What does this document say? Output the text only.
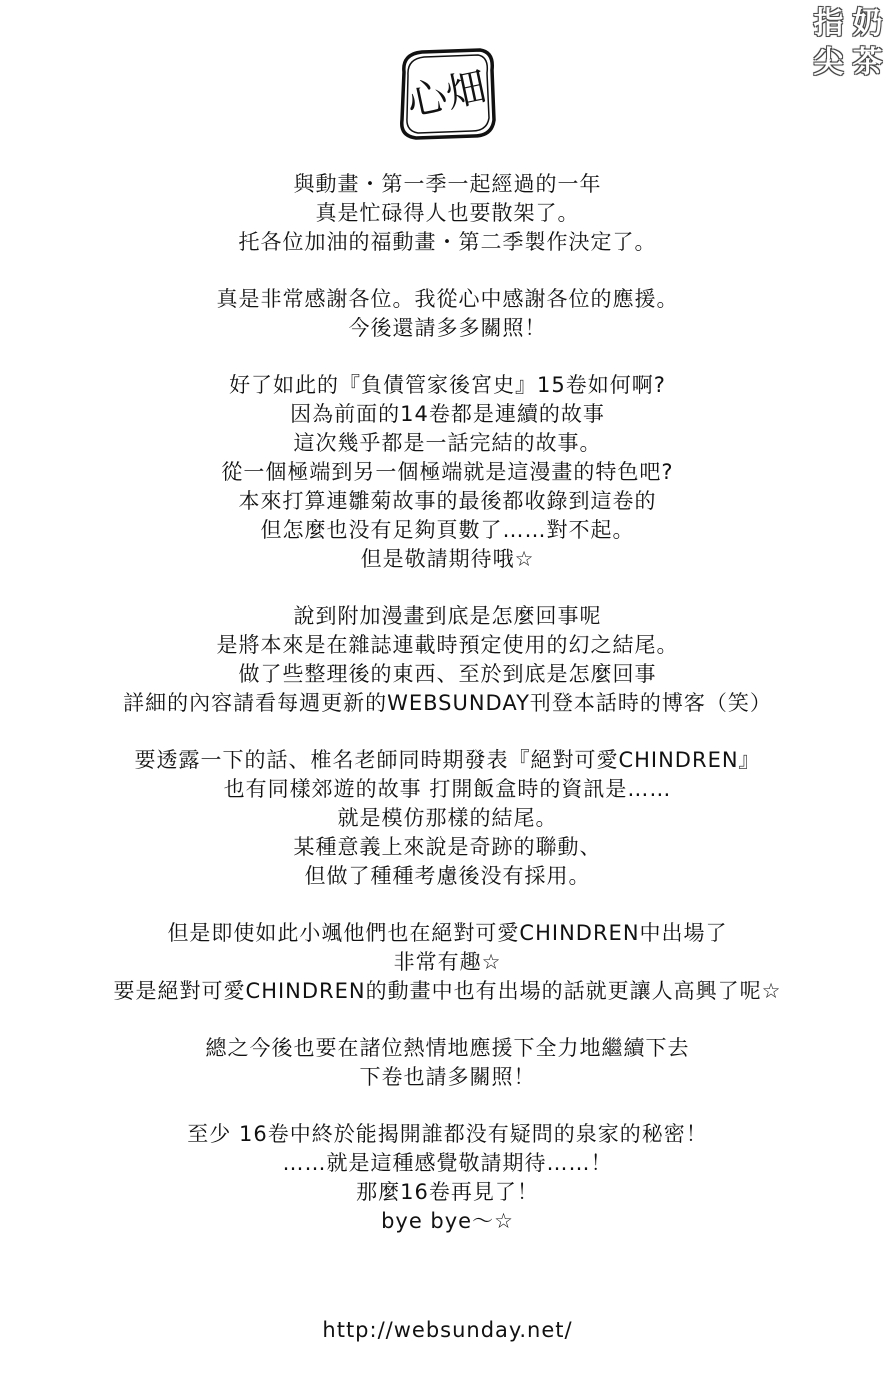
指 奶
尖 茶
心畑
與動畫・第一季一起經過的一年
真是忙碌得人也要散架了。
托各位加油的福動畫・第二季製作決定了。
真是非常感謝各位。我從心中感謝各位的應援。
今後還請多多關照！
好了如此的『負債管家後宮史』15卷如何啊?
因為前面的14卷都是連續的故事
這次幾乎都是一話完結的故事。
從一個極端到另一個極端就是這漫畫的特色吧?
本來打算連雛菊故事的最後都收錄到這卷的
但怎麼也没有足夠頁數了……對不起。
但是敬請期待哦☆
說到附加漫畫到底是怎麼回事呢
是將本來是在雜誌連載時預定使用的幻之結尾。
做了些整理後的東西、至於到底是怎麼回事
詳細的內容請看每週更新的WEBSUNDAY刊登本話時的博客（笑）
要透露一下的話、椎名老師同時期發表『絕對可愛CHINDREN』
也有同樣郊遊的故事 打開飯盒時的資訊是……
就是模仿那樣的結尾。
某種意義上來說是奇跡的聯動、
但做了種種考慮後没有採用。
但是即使如此小颯他們也在絕對可愛CHINDREN中出場了
非常有趣☆
要是絕對可愛CHINDREN的動畫中也有出場的話就更讓人高興了呢☆
總之今後也要在諸位熱情地應援下全力地繼續下去
下卷也請多關照！
至少 16卷中終於能揭開誰都没有疑問的泉家的秘密！
……就是這種感覺敬請期待……！
那麼16卷再見了！
bye bye～☆
http://websunday.net/
